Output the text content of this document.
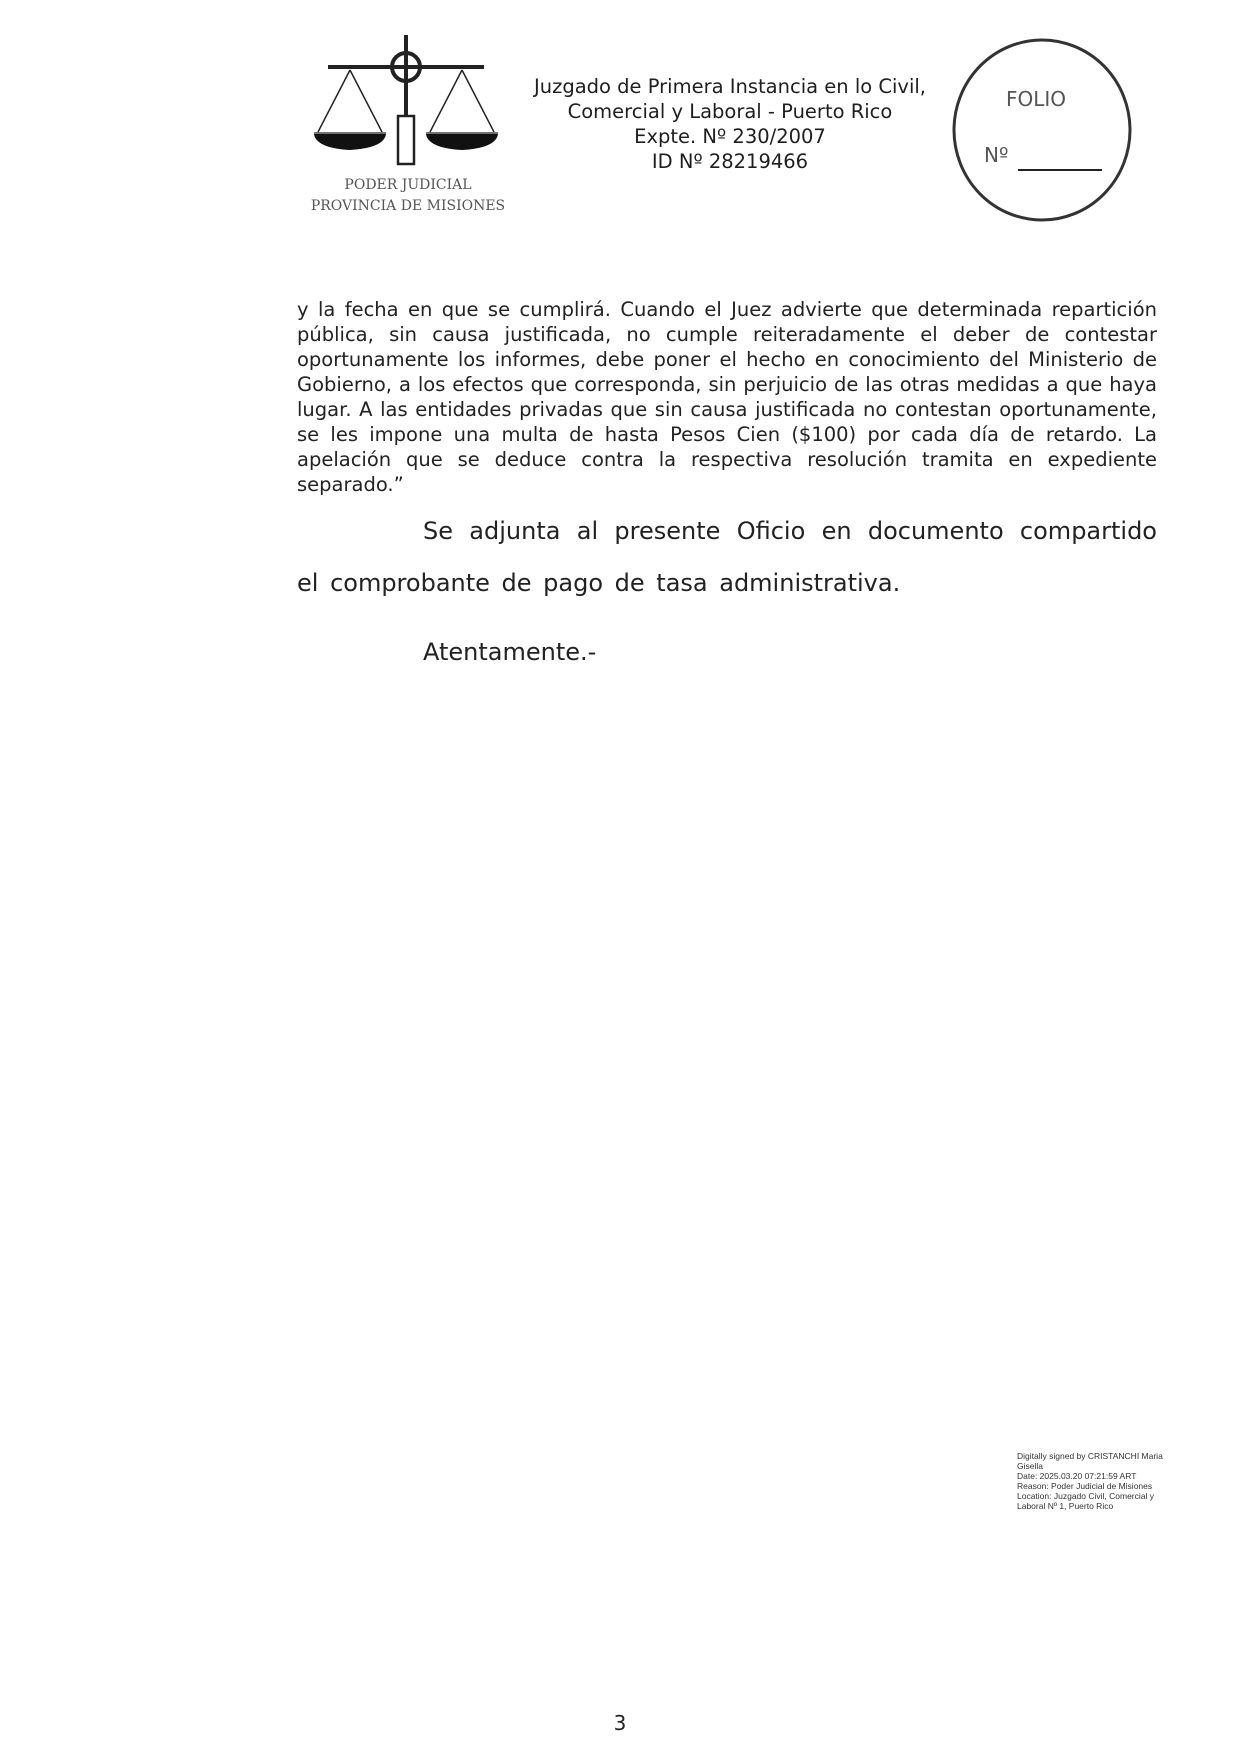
PODER JUDICIAL
PROVINCIA DE MISIONES
Juzgado de Primera Instancia en lo Civil,
Comercial y Laboral - Puerto Rico
Expte. Nº 230/2007
ID Nº 28219466
FOLIO
Nº

y la fecha en que se cumplirá. Cuando el Juez advierte que determinada repartición pública, sin causa justificada, no cumple reiteradamente el deber de contestar oportunamente los informes, debe poner el hecho en conocimiento del Ministerio de Gobierno, a los efectos que corresponda, sin perjuicio de las otras medidas a que haya lugar. A las entidades privadas que sin causa justificada no contestan oportunamente, se les impone una multa de hasta Pesos Cien ($100) por cada día de retardo. La apelación que se deduce contra la respectiva resolución tramita en expediente separado.”

Se adjunta al presente Oficio en documento compartido el comprobante de pago de tasa administrativa.

Atentamente.-
Digitally signed by CRISTANCHI Maria
Gisella
Date: 2025.03.20 07:21:59 ART
Reason: Poder Judicial de Misiones
Location: Juzgado Civil, Comercial y
Laboral Nº 1, Puerto Rico
3
